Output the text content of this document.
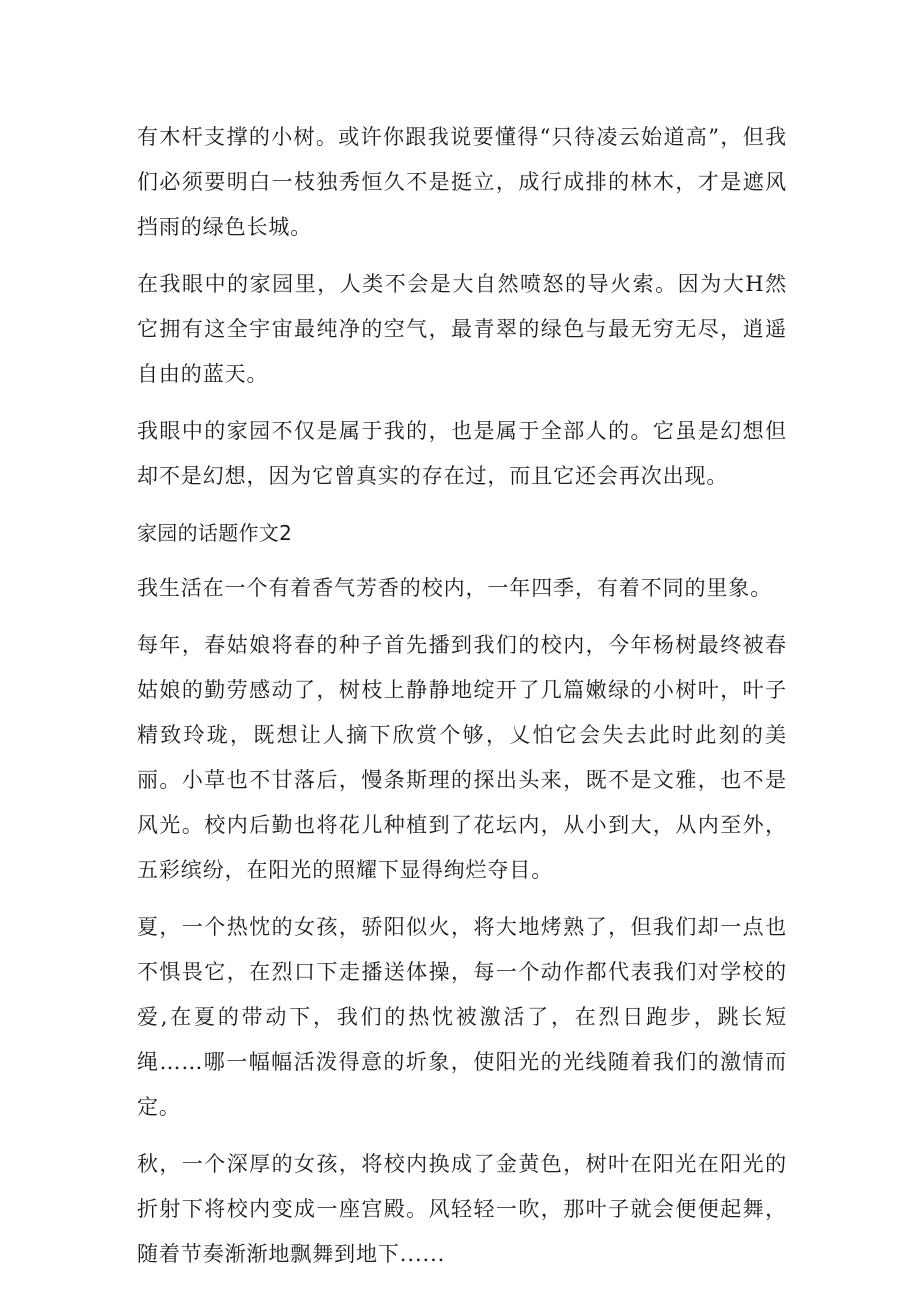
有木杆支撑的小树。或许你跟我说要懂得“只待凌云始道高”，但我们必须要明白一枝独秀恒久不是挺立，成行成排的林木，才是遮风挡雨的绿色长城。

在我眼中的家园里，人类不会是大自然喷怒的导火索。因为大H然它拥有这全宇宙最纯净的空气，最青翠的绿色与最无穷无尽，逍遥自由的蓝天。

我眼中的家园不仅是属于我的，也是属于全部人的。它虽是幻想但却不是幻想，因为它曾真实的存在过，而且它还会再次出现。

家园的话题作文2

我生活在一个有着香气芳香的校内，一年四季，有着不同的里象。

每年，春姑娘将春的种子首先播到我们的校内，今年杨树最终被春姑娘的勤劳感动了，树枝上静静地绽开了几篇嫩绿的小树叶，叶子精致玲珑，既想让人摘下欣赏个够，乂怕它会失去此时此刻的美丽。小草也不甘落后，慢条斯理的探出头来，既不是文雅，也不是风光。校内后勤也将花儿种植到了花坛内，从小到大，从内至外，五彩缤纷，在阳光的照耀下显得绚烂夺目。

夏，一个热忱的女孩，骄阳似火，将大地烤熟了，但我们却一点也不惧畏它，在烈口下走播送体操，每一个动作都代表我们对学校的爱,在夏的带动下，我们的热忱被激活了，在烈日跑步，跳长短绳……哪一幅幅活泼得意的圻象，使阳光的光线随着我们的激情而定。

秋，一个深厚的女孩，将校内换成了金黄色，树叶在阳光在阳光的折射下将校内变成一座宫殿。风轻轻一吹，那叶子就会便便起舞，随着节奏渐渐地飘舞到地下......
